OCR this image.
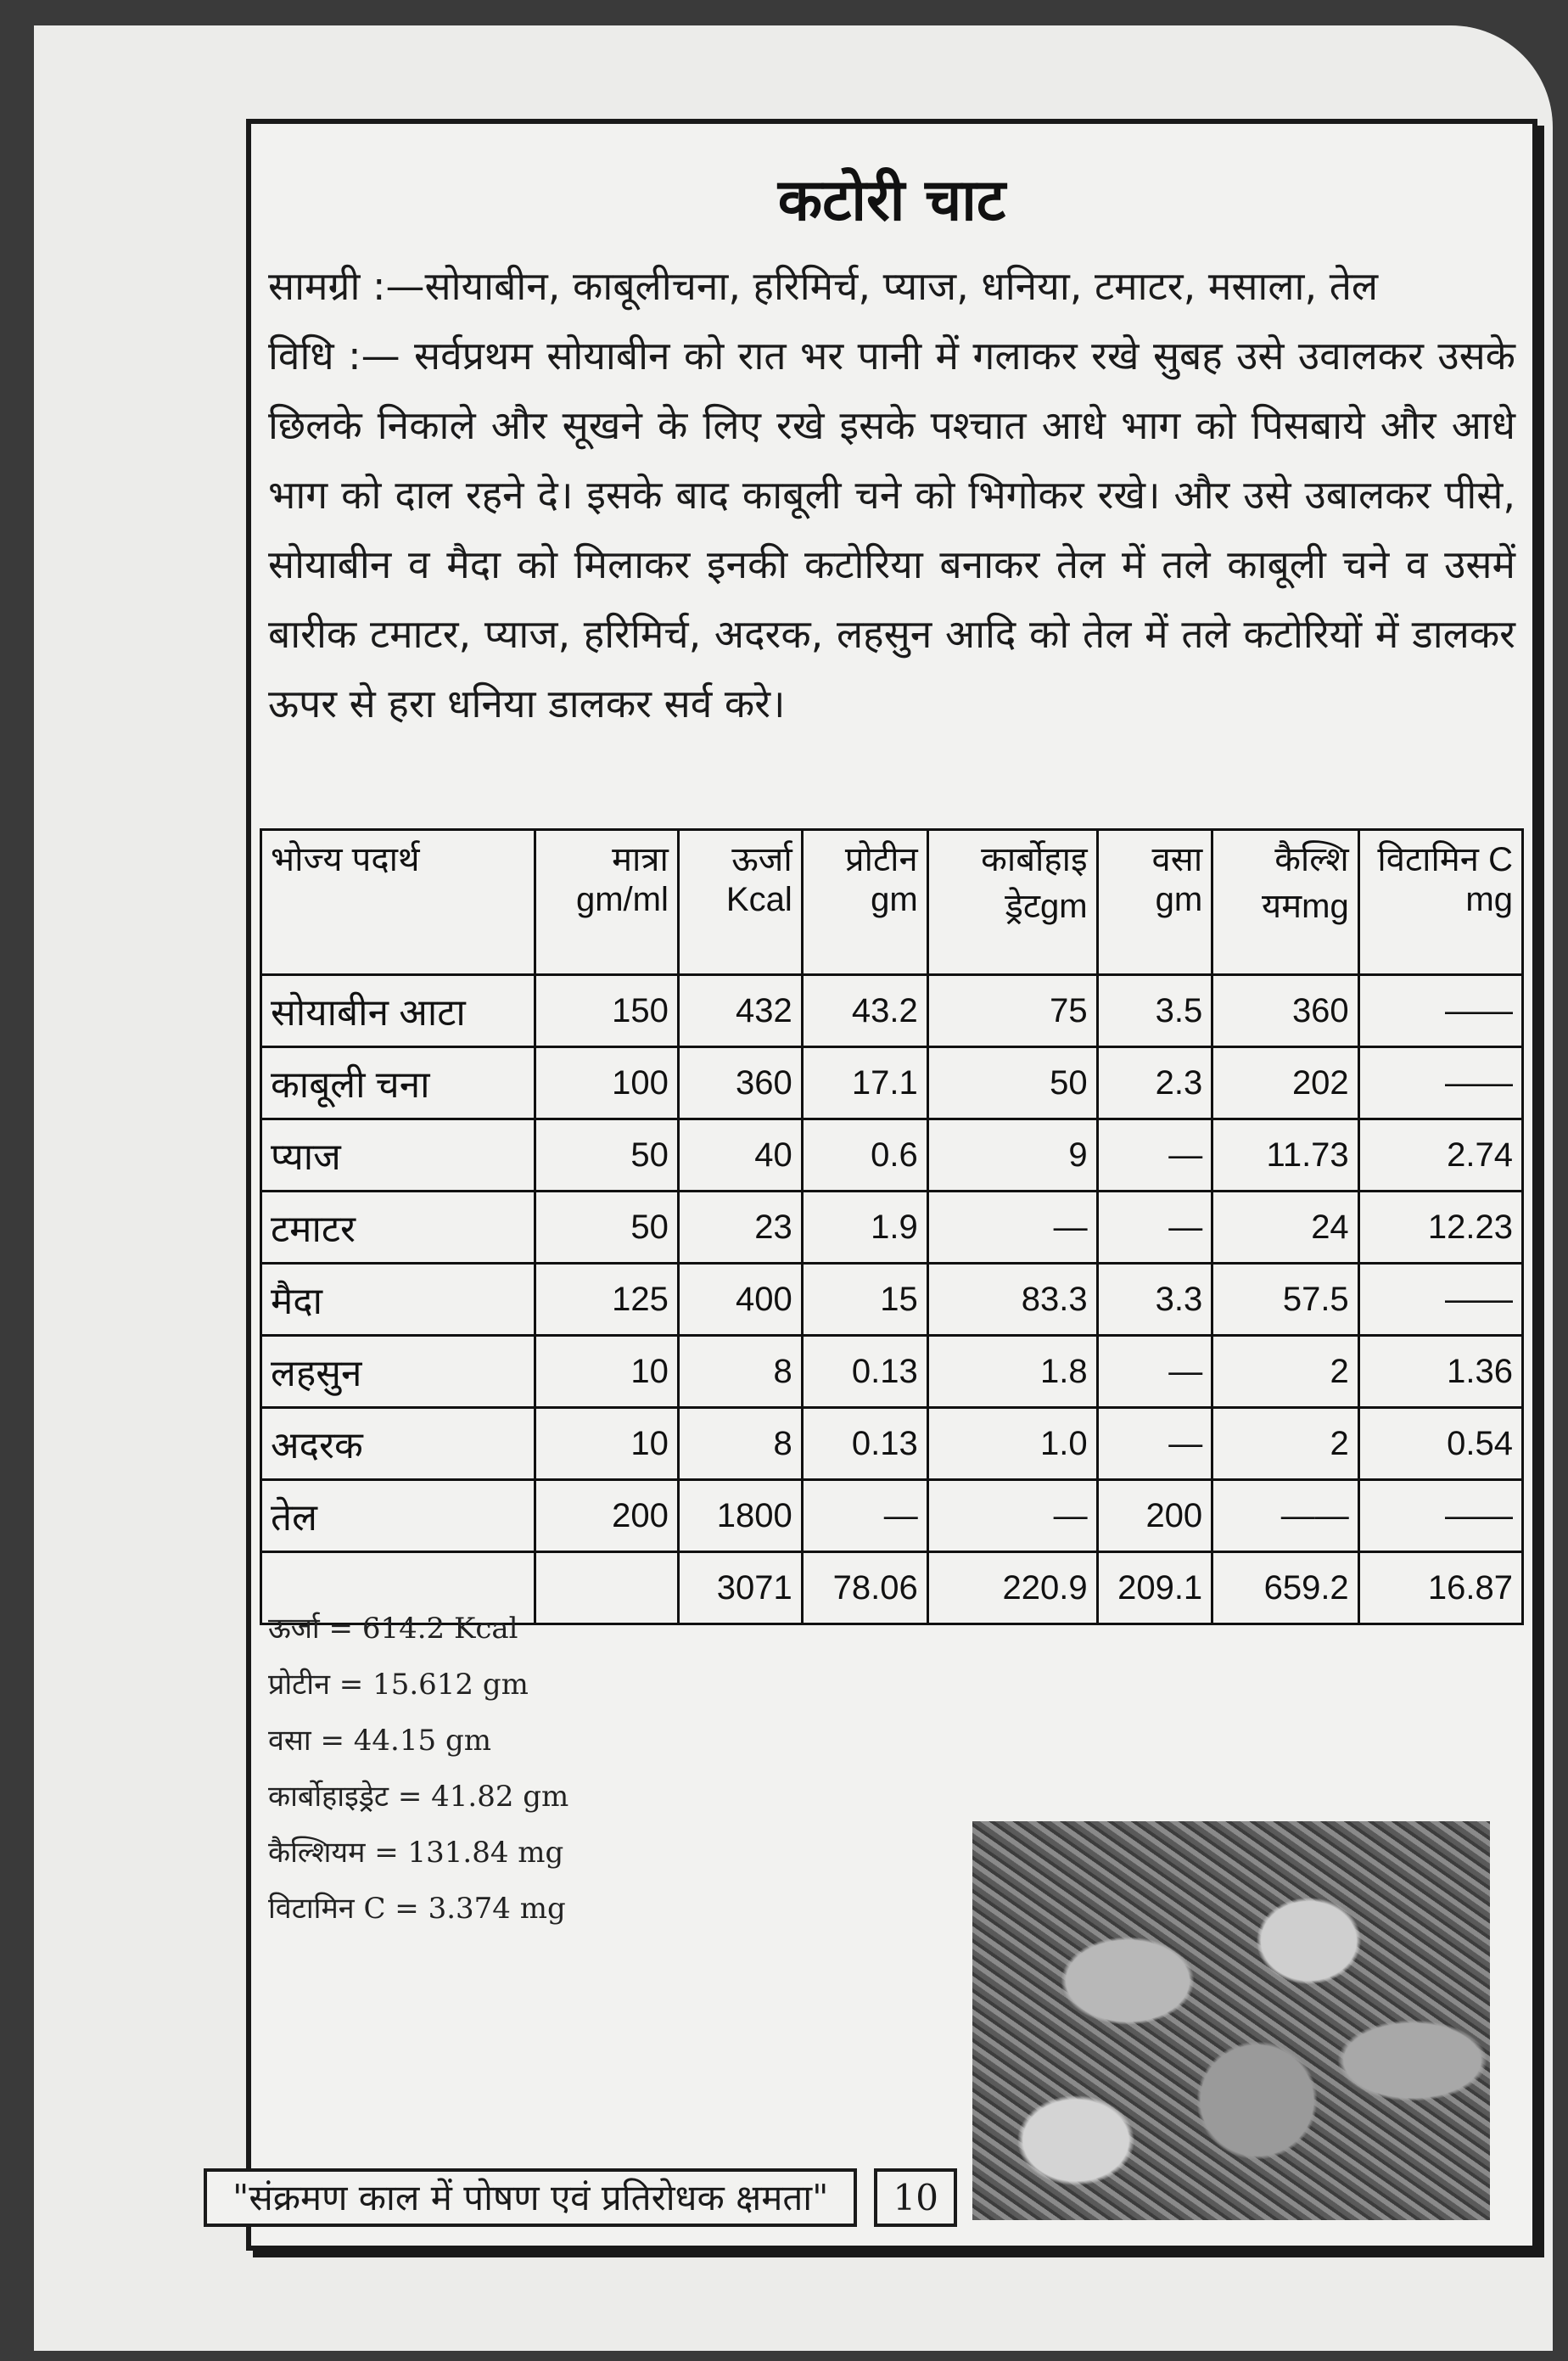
कटोरी चाट

सामग्री :—सोयाबीन, काबूलीचना, हरिमिर्च, प्याज, धनिया, टमाटर, मसाला, तेल

विधि :— सर्वप्रथम सोयाबीन को रात भर पानी में गलाकर रखे सुबह उसे उवालकर उसके छिलके निकाले और सूखने के लिए रखे इसके पश्चात आधे भाग को पिसबाये और आधे भाग को दाल रहने दे। इसके बाद काबूली चने को भिगोकर रखे। और उसे उबालकर पीसे, सोयाबीन व मैदा को मिलाकर इनकी कटोरिया बनाकर तेल में तले काबूली चने व उसमें बारीक टमाटर, प्याज, हरिमिर्च, अदरक, लहसुन आदि को तेल में तले कटोरियों में डालकर ऊपर से हरा धनिया डालकर सर्व करे।

भोज्य पदार्थ	मात्रा gm/ml	ऊर्जा Kcal	प्रोटीन gm	कार्बोहाइ ड्रेटgm	वसा gm	कैल्शि यमmg	विटामिन C mg
सोयाबीन आटा	150	432	43.2	75	3.5	360	——
काबूली चना	100	360	17.1	50	2.3	202	——
प्याज	50	40	0.6	9	—	11.73	2.74
टमाटर	50	23	1.9	—	—	24	12.23
मैदा	125	400	15	83.3	3.3	57.5	——
लहसुन	10	8	0.13	1.8	—	2	1.36
अदरक	10	8	0.13	1.0	—	2	0.54
तेल	200	1800	—	—	200	——	——
		3071	78.06	220.9	209.1	659.2	16.87
ऊर्जा = 614.2 Kcal
प्रोटीन = 15.612 gm
वसा = 44.15 gm
कार्बोहाइड्रेट = 41.82 gm
कैल्शियम = 131.84 mg
विटामिन C = 3.374 mg
"संक्रमण काल में पोषण एवं प्रतिरोधक क्षमता" 10
